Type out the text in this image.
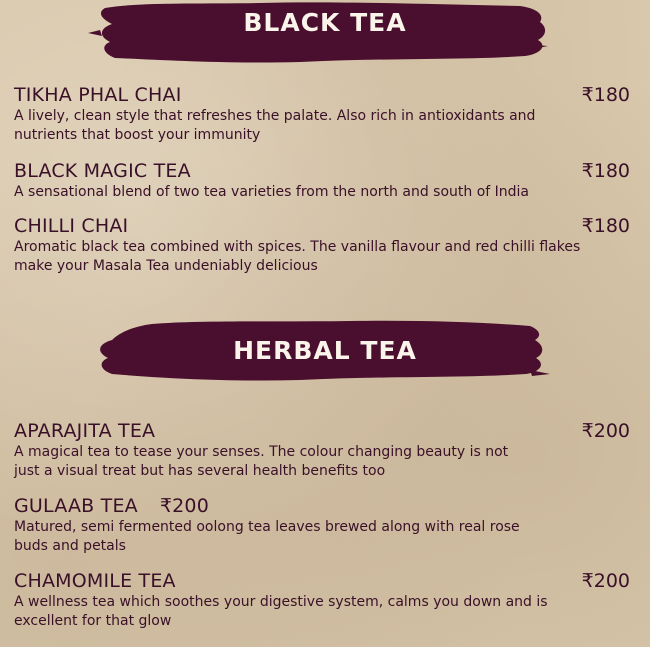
BLACK TEA
TIKHA PHAL CHAI	₹180
A lively, clean style that refreshes the palate. Also rich in antioxidants and nutrients that boost your immunity
BLACK MAGIC TEA	₹180
A sensational blend of two tea varieties from the north and south of India
CHILLI CHAI	₹180
Aromatic black tea combined with spices. The vanilla flavour and red chilli flakes make your Masala Tea undeniably delicious
HERBAL TEA
APARAJITA TEA	₹200
A magical tea to tease your senses. The colour changing beauty is not just a visual treat but has several health benefits too
GULAAB TEA ₹200
Matured, semi fermented oolong tea leaves brewed along with real rose buds and petals
CHAMOMILE TEA	₹200
A wellness tea which soothes your digestive system, calms you down and is excellent for that glow
